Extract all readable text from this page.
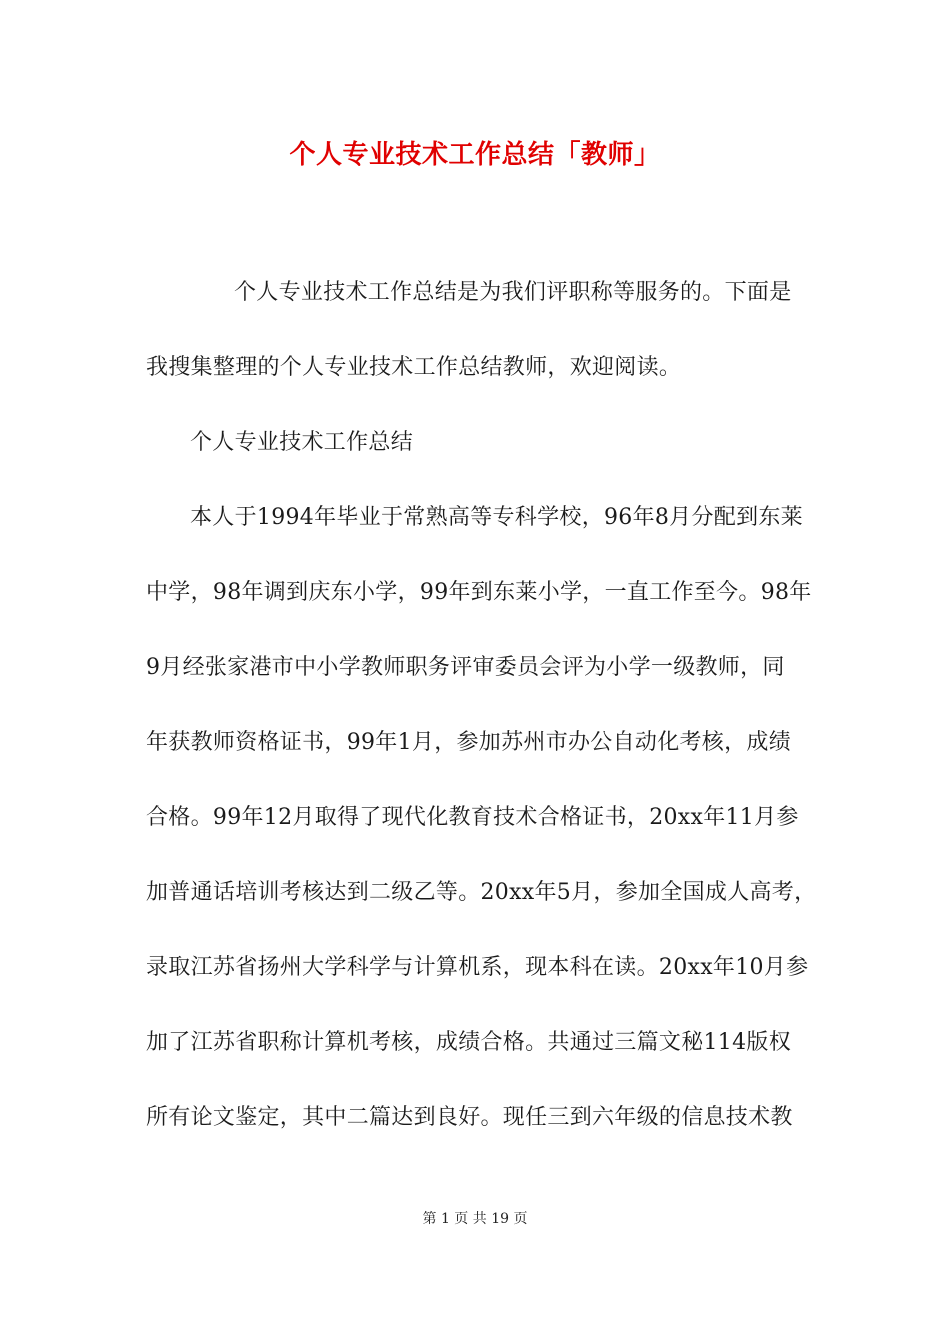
个人专业技术工作总结「教师」
个人专业技术工作总结是为我们评职称等服务的。下面是
我搜集整理的个人专业技术工作总结教师，欢迎阅读。
个人专业技术工作总结
本人于1994年毕业于常熟高等专科学校，96年8月分配到东莱
中学，98年调到庆东小学，99年到东莱小学，一直工作至今。98年
9月经张家港市中小学教师职务评审委员会评为小学一级教师，同
年获教师资格证书，99年1月，参加苏州市办公自动化考核，成绩
合格。99年12月取得了现代化教育技术合格证书，20xx年11月参
加普通话培训考核达到二级乙等。20xx年5月，参加全国成人高考，
录取江苏省扬州大学科学与计算机系，现本科在读。20xx年10月参
加了江苏省职称计算机考核，成绩合格。共通过三篇文秘114版权
所有论文鉴定，其中二篇达到良好。现任三到六年级的信息技术教
第 1 页 共 19 页
